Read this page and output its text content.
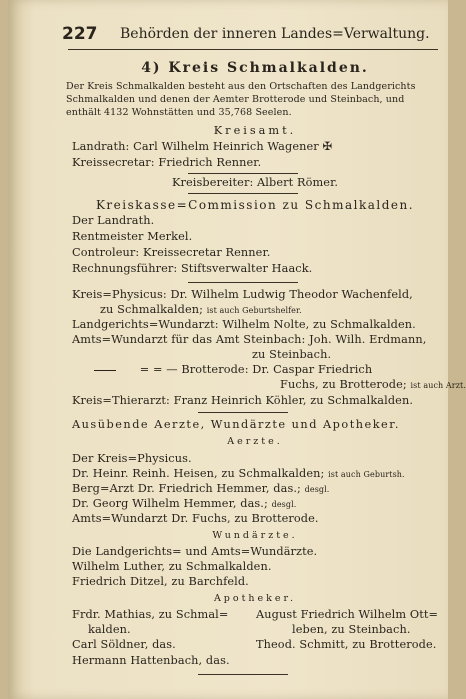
227 Behörden der inneren Landes=Verwaltung.
4) Kreis Schmalkalden.
Der Kreis Schmalkalden besteht aus den Ortschaften des Landgerichts
Schmalkalden und denen der Aemter Brotterode und Steinbach, und
enthält 4132 Wohnstätten und 35,768 Seelen.
Kreisamt.
Landrath: Carl Wilhelm Heinrich Wagener ✠
Kreissecretar: Friedrich Renner.
Kreisbereiter: Albert Römer.
Kreiskasse=Commission zu Schmalkalden.
Der Landrath.
Rentmeister Merkel.
Controleur: Kreissecretar Renner.
Rechnungsführer: Stiftsverwalter Haack.
Kreis=Physicus: Dr. Wilhelm Ludwig Theodor Wachenfeld,
zu Schmalkalden; ist auch Geburtshelfer.
Landgerichts=Wundarzt: Wilhelm Nolte, zu Schmalkalden.
Amts=Wundarzt für das Amt Steinbach: Joh. Wilh. Erdmann,
zu Steinbach.
= = — Brotterode: Dr. Caspar Friedrich
Fuchs, zu Brotterode; ist auch Arzt.
Kreis=Thierarzt: Franz Heinrich Köhler, zu Schmalkalden.
Ausübende Aerzte, Wundärzte und Apotheker.
Aerzte.
Der Kreis=Physicus.
Dr. Heinr. Reinh. Heisen, zu Schmalkalden; ist auch Geburtsh.
Berg=Arzt Dr. Friedrich Hemmer, das.; desgl.
Dr. Georg Wilhelm Hemmer, das.; desgl.
Amts=Wundarzt Dr. Fuchs, zu Brotterode.
Wundärzte.
Die Landgerichts= und Amts=Wundärzte.
Wilhelm Luther, zu Schmalkalden.
Friedrich Ditzel, zu Barchfeld.
Apotheker.
Frdr. Mathias, zu Schmal=
kalden.
Carl Söldner, das.
Hermann Hattenbach, das.
August Friedrich Wilhelm Ott=
leben, zu Steinbach.
Theod. Schmitt, zu Brotterode.
